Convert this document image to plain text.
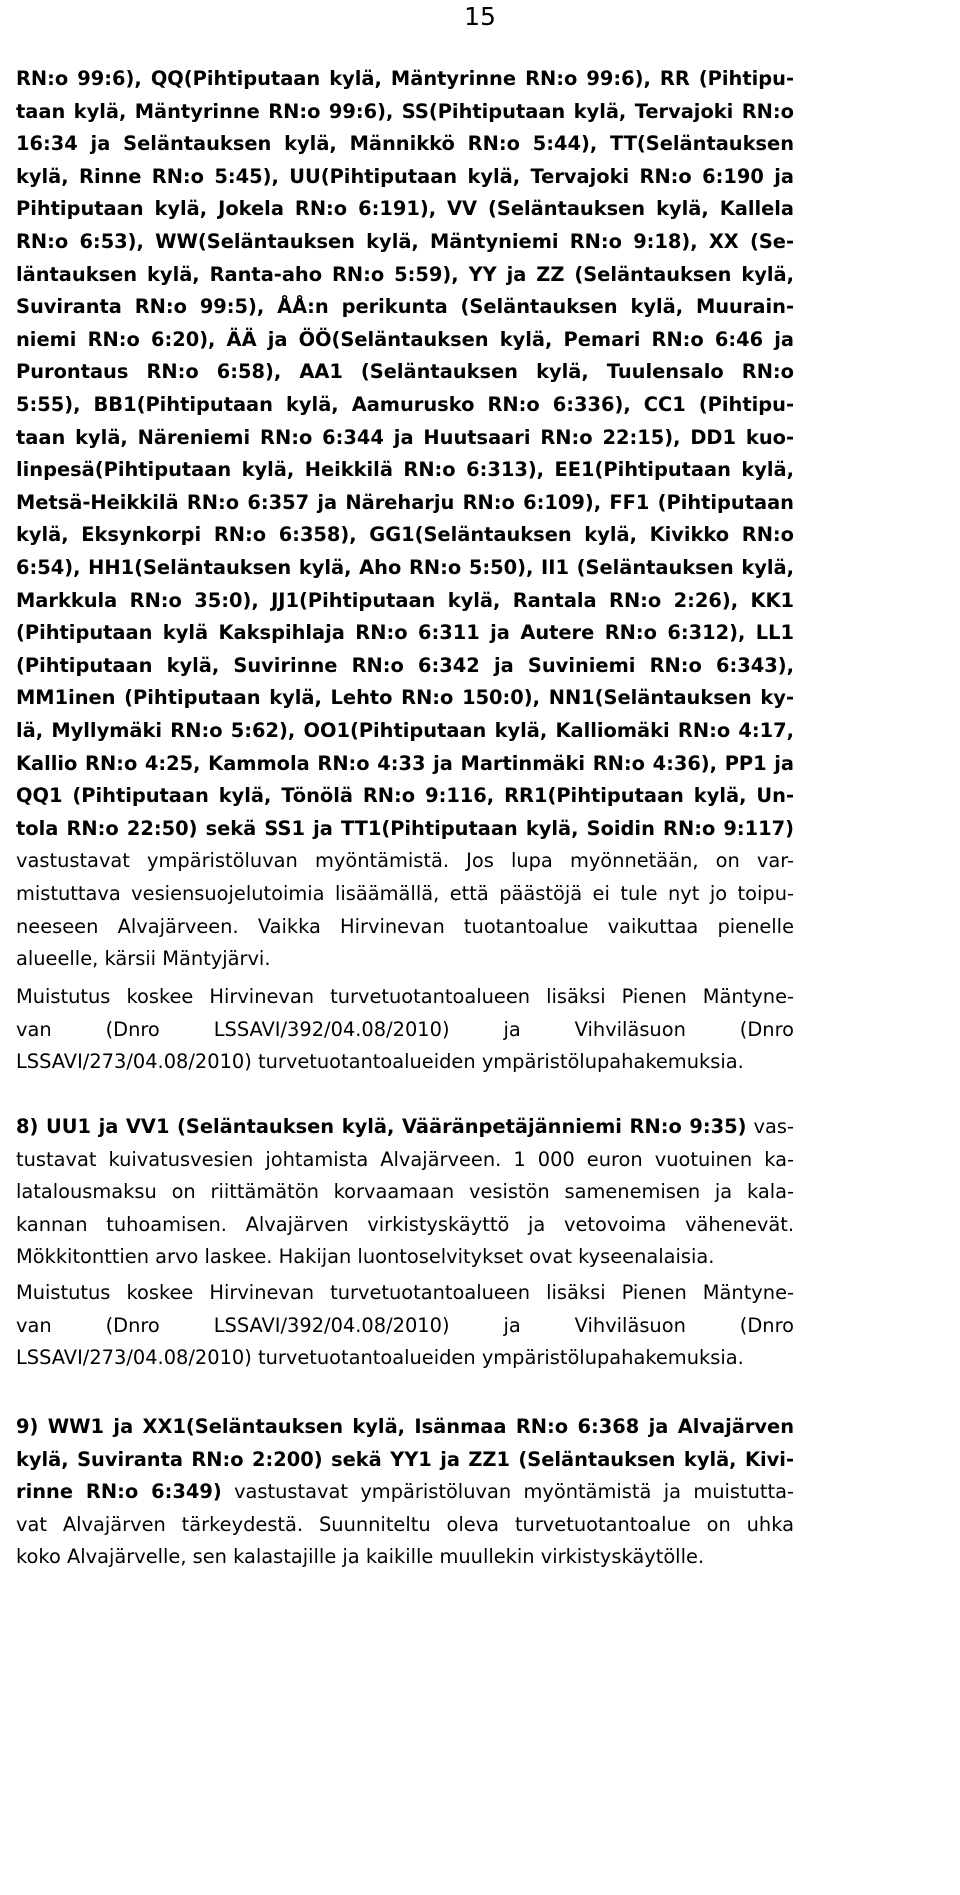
15

RN:o 99:6), QQ(Pihtiputaan kylä, Mäntyrinne RN:o 99:6), RR (Pihtipu-

taan kylä, Mäntyrinne RN:o 99:6), SS(Pihtiputaan kylä, Tervajoki RN:o

16:34 ja Seläntauksen kylä, Männikkö RN:o 5:44), TT(Seläntauksen

kylä, Rinne RN:o 5:45), UU(Pihtiputaan kylä, Tervajoki RN:o 6:190 ja

Pihtiputaan kylä, Jokela RN:o 6:191), VV (Seläntauksen kylä, Kallela

RN:o 6:53), WW(Seläntauksen kylä, Mäntyniemi RN:o 9:18), XX (Se-

läntauksen kylä, Ranta-aho RN:o 5:59), YY ja ZZ (Seläntauksen kylä,

Suviranta RN:o 99:5), ÅÅ:n perikunta (Seläntauksen kylä, Muurain-

niemi RN:o 6:20), ÄÄ ja ÖÖ(Seläntauksen kylä, Pemari RN:o 6:46 ja

Purontaus RN:o 6:58), AA1 (Seläntauksen kylä, Tuulensalo RN:o

5:55), BB1(Pihtiputaan kylä, Aamurusko RN:o 6:336), CC1 (Pihtipu-

taan kylä, Näreniemi RN:o 6:344 ja Huutsaari RN:o 22:15), DD1 kuo-

linpesä(Pihtiputaan kylä, Heikkilä RN:o 6:313), EE1(Pihtiputaan kylä,

Metsä-Heikkilä RN:o 6:357 ja Näreharju RN:o 6:109), FF1 (Pihtiputaan

kylä, Eksynkorpi RN:o 6:358), GG1(Seläntauksen kylä, Kivikko RN:o

6:54), HH1(Seläntauksen kylä, Aho RN:o 5:50), II1 (Seläntauksen kylä,

Markkula RN:o 35:0), JJ1(Pihtiputaan kylä, Rantala RN:o 2:26), KK1

(Pihtiputaan kylä Kakspihlaja RN:o 6:311 ja Autere RN:o 6:312), LL1

(Pihtiputaan kylä, Suvirinne RN:o 6:342 ja Suviniemi RN:o 6:343),

MM1inen (Pihtiputaan kylä, Lehto RN:o 150:0), NN1(Seläntauksen ky-

lä, Myllymäki RN:o 5:62), OO1(Pihtiputaan kylä, Kalliomäki RN:o 4:17,

Kallio RN:o 4:25, Kammola RN:o 4:33 ja Martinmäki RN:o 4:36), PP1 ja

QQ1 (Pihtiputaan kylä, Tönölä RN:o 9:116, RR1(Pihtiputaan kylä, Un-

tola RN:o 22:50) sekä SS1 ja TT1(Pihtiputaan kylä, Soidin RN:o 9:117)

vastustavat ympäristöluvan myöntämistä. Jos lupa myönnetään, on var-

mistuttava vesiensuojelutoimia lisäämällä, että päästöjä ei tule nyt jo toipu-

neeseen Alvajärveen. Vaikka Hirvinevan tuotantoalue vaikuttaa pienelle

alueelle, kärsii Mäntyjärvi.

Muistutus koskee Hirvinevan turvetuotantoalueen lisäksi Pienen Mäntyne-

van (Dnro LSSAVI/392/04.08/2010) ja Vihviläsuon (Dnro

LSSAVI/273/04.08/2010) turvetuotantoalueiden ympäristölupahakemuksia.

8) UU1 ja VV1 (Seläntauksen kylä, Vääränpetäjänniemi RN:o 9:35) vas-

tustavat kuivatusvesien johtamista Alvajärveen. 1 000 euron vuotuinen ka-

latalousmaksu on riittämätön korvaamaan vesistön samenemisen ja kala-

kannan tuhoamisen. Alvajärven virkistyskäyttö ja vetovoima vähenevät.

Mökkitonttien arvo laskee. Hakijan luontoselvitykset ovat kyseenalaisia.

Muistutus koskee Hirvinevan turvetuotantoalueen lisäksi Pienen Mäntyne-

van (Dnro LSSAVI/392/04.08/2010) ja Vihviläsuon (Dnro

LSSAVI/273/04.08/2010) turvetuotantoalueiden ympäristölupahakemuksia.

9) WW1 ja XX1(Seläntauksen kylä, Isänmaa RN:o 6:368 ja Alvajärven

kylä, Suviranta RN:o 2:200) sekä YY1 ja ZZ1 (Seläntauksen kylä, Kivi-

rinne RN:o 6:349) vastustavat ympäristöluvan myöntämistä ja muistutta-

vat Alvajärven tärkeydestä. Suunniteltu oleva turvetuotantoalue on uhka

koko Alvajärvelle, sen kalastajille ja kaikille muullekin virkistyskäytölle.
